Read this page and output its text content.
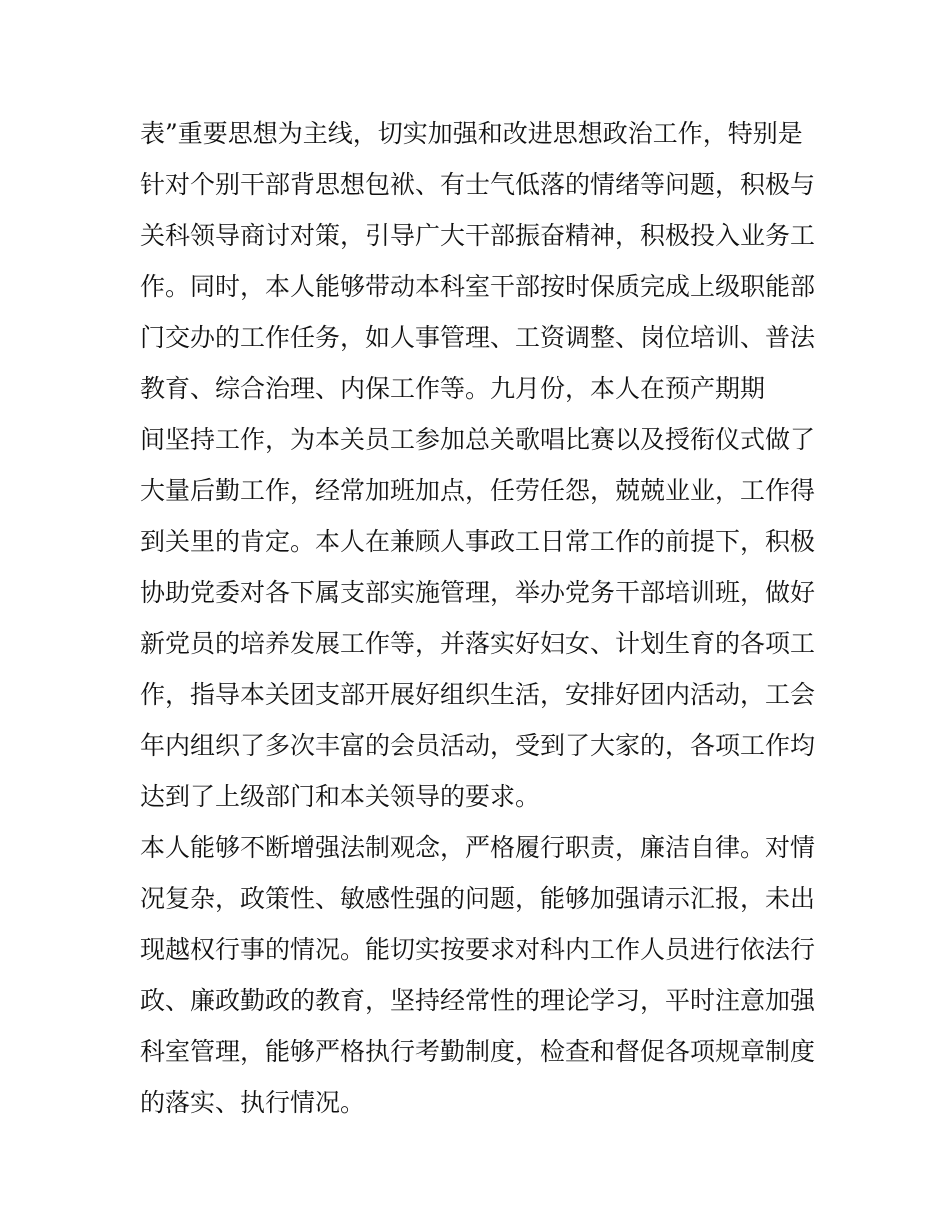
表”重要思想为主线，切实加强和改进思想政治工作，特别是
针对个别干部背思想包袱、有士气低落的情绪等问题，积极与
关科领导商讨对策，引导广大干部振奋精神，积极投入业务工
作。同时，本人能够带动本科室干部按时保质完成上级职能部
门交办的工作任务，如人事管理、工资调整、岗位培训、普法
教育、综合治理、内保工作等。九月份，本人在预产期期
间坚持工作，为本关员工参加总关歌唱比赛以及授衔仪式做了
大量后勤工作，经常加班加点，任劳任怨，兢兢业业，工作得
到关里的肯定。本人在兼顾人事政工日常工作的前提下，积极
协助党委对各下属支部实施管理，举办党务干部培训班，做好
新党员的培养发展工作等，并落实好妇女、计划生育的各项工
作，指导本关团支部开展好组织生活，安排好团内活动，工会
年内组织了多次丰富的会员活动，受到了大家的，各项工作均
达到了上级部门和本关领导的要求。
本人能够不断增强法制观念，严格履行职责，廉洁自律。对情
况复杂，政策性、敏感性强的问题，能够加强请示汇报，未出
现越权行事的情况。能切实按要求对科内工作人员进行依法行
政、廉政勤政的教育，坚持经常性的理论学习，平时注意加强
科室管理，能够严格执行考勤制度，检查和督促各项规章制度
的落实、执行情况。
